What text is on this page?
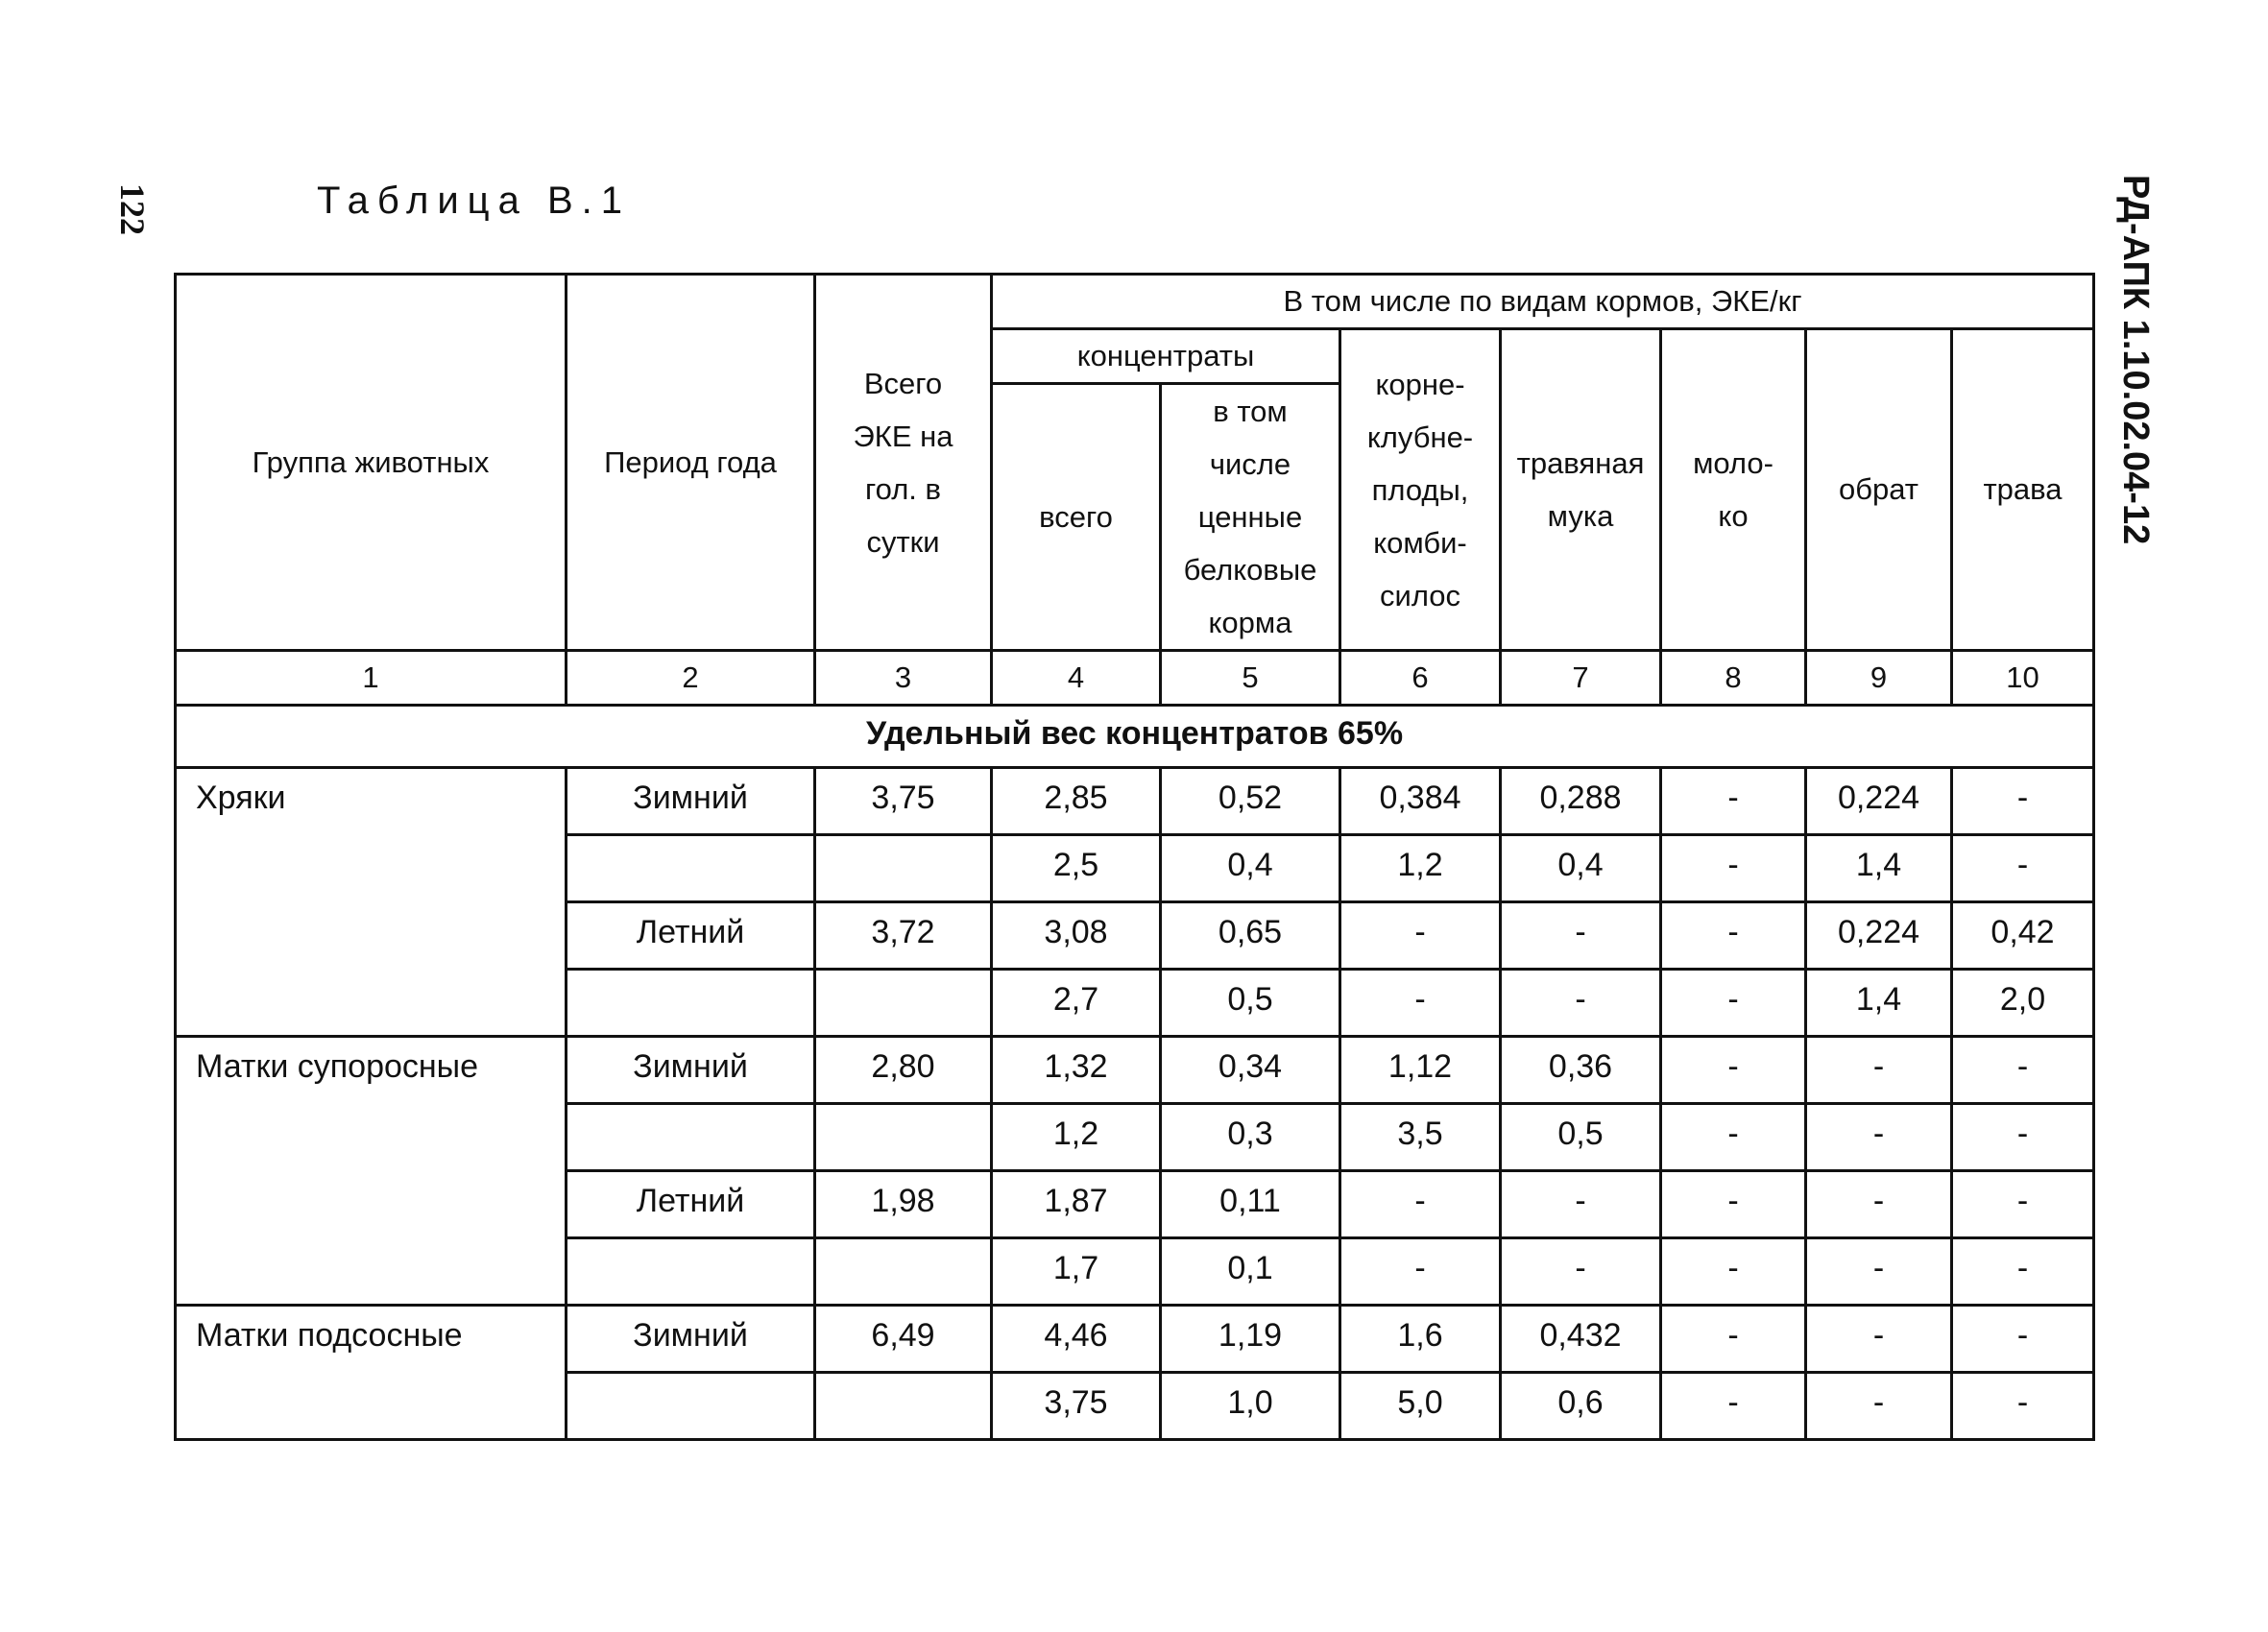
122	Таблица В.1	РД-АПК 1.10.02.04-12
Группа животных	Период года	Всего ЭКЕ на гол. в сутки	В том числе по видам кормов, ЭКЕ/кг						
			концентраты		корне-клубне-плоды, комби-силос	травяная мука	моло-ко	обрат	трава
			всего	в том числе ценные белковые корма					
1	2	3	4	5	6	7	8	9	10
Удельный вес концентратов 65%									
Хряки	Зимний	3,75	2,85	0,52	0,384	0,288	-	0,224	-
			2,5	0,4	1,2	0,4	-	1,4	-
	Летний	3,72	3,08	0,65	-	-	-	0,224	0,42
			2,7	0,5	-	-	-	1,4	2,0
Матки супоросные	Зимний	2,80	1,32	0,34	1,12	0,36	-	-	-
			1,2	0,3	3,5	0,5	-	-	-
	Летний	1,98	1,87	0,11	-	-	-	-	-
			1,7	0,1	-	-	-	-	-
Матки подсосные	Зимний	6,49	4,46	1,19	1,6	0,432	-	-	-
			3,75	1,0	5,0	0,6	-	-	-
